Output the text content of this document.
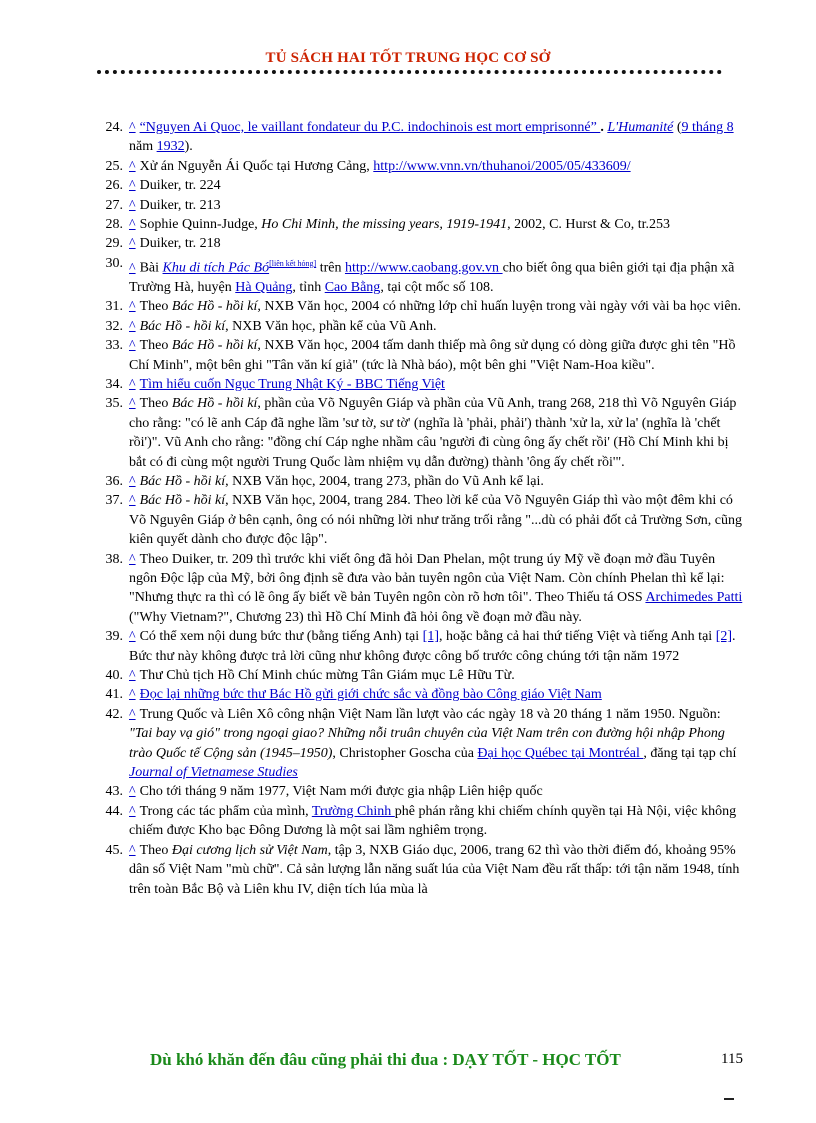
TỦ SÁCH HAI TỐT TRUNG HỌC CƠ SỞ
24. ^ “Nguyen Ai Quoc, le vaillant fondateur du P.C. indochinois est mort emprisonné” . L'Humanité (9 tháng 8 năm 1932).
25. ^ Xử án Nguyễn Ái Quốc tại Hương Cảng, http://www.vnn.vn/thuhanoi/2005/05/433609/
26. ^ Duiker, tr. 224
27. ^ Duiker, tr. 213
28. ^ Sophie Quinn-Judge, Ho Chi Minh, the missing years, 1919-1941, 2002, C. Hurst & Co, tr.253
29. ^ Duiker, tr. 218
30. ^ Bài Khu di tích Pác Bó[liên kết hỏng] trên http://www.caobang.gov.vn cho biết ông qua biên giới tại địa phận xã Trường Hà, huyện Hà Quảng, tỉnh Cao Bằng, tại cột mốc số 108.
31. ^ Theo Bác Hồ - hồi kí, NXB Văn học, 2004 có những lớp chỉ huấn luyện trong vài ngày với vài ba học viên.
32. ^ Bác Hồ - hồi kí, NXB Văn học, phần kể của Vũ Anh.
33. ^ Theo Bác Hồ - hồi kí, NXB Văn học, 2004 tấm danh thiếp mà ông sử dụng có dòng giữa được ghi tên "Hồ Chí Minh", một bên ghi "Tân văn kí giả" (tức là Nhà báo), một bên ghi "Việt Nam-Hoa kiều".
34. ^ Tìm hiểu cuốn Ngục Trung Nhật Ký - BBC Tiếng Việt
35. ^ Theo Bác Hồ - hồi kí, phần của Võ Nguyên Giáp và phần của Vũ Anh, trang 268, 218 thì Võ Nguyên Giáp cho rằng: "có lẽ anh Cáp đã nghe lầm 'sư tờ, sư tờ' (nghĩa là 'phải, phải') thành 'xử la, xử la' (nghĩa là 'chết rồi')". Vũ Anh cho rằng: "đồng chí Cáp nghe nhầm câu 'người đi cùng ông ấy chết rồi' (Hồ Chí Minh khi bị bắt có đi cùng một người Trung Quốc làm nhiệm vụ dẫn đường) thành 'ông ấy chết rồi'".
36. ^ Bác Hồ - hồi kí, NXB Văn học, 2004, trang 273, phần do Vũ Anh kể lại.
37. ^ Bác Hồ - hồi kí, NXB Văn học, 2004, trang 284. Theo lời kể của Võ Nguyên Giáp thì vào một đêm khi có Võ Nguyên Giáp ở bên cạnh, ông có nói những lời như trăng trối rằng "...dù có phải đốt cả Trường Sơn, cũng kiên quyết dành cho được độc lập".
38. ^ Theo Duiker, tr. 209 thì trước khi viết ông đã hỏi Dan Phelan, một trung úy Mỹ về đoạn mở đầu Tuyên ngôn Độc lập của Mỹ, bởi ông định sẽ đưa vào bản tuyên ngôn của Việt Nam. Còn chính Phelan thì kể lại: "Nhưng thực ra thì có lẽ ông ấy biết về bản Tuyên ngôn còn rõ hơn tôi". Theo Thiếu tá OSS Archimedes Patti ("Why Vietnam?", Chương 23) thì Hồ Chí Minh đã hỏi ông về đoạn mở đầu này.
39. ^ Có thể xem nội dung bức thư (bằng tiếng Anh) tại [1], hoặc bằng cả hai thứ tiếng Việt và tiếng Anh tại [2]. Bức thư này không được trả lời cũng như không được công bố trước công chúng tới tận năm 1972
40. ^ Thư Chủ tịch Hồ Chí Minh chúc mừng Tân Giám mục Lê Hữu Từ.
41. ^ Đọc lại những bức thư Bác Hồ gửi giới chức sắc và đồng bào Công giáo Việt Nam
42. ^ Trung Quốc và Liên Xô công nhận Việt Nam lần lượt vào các ngày 18 và 20 tháng 1 năm 1950. Nguồn: "Tai bay vạ gió" trong ngoại giao? Những nỗi truân chuyên của Việt Nam trên con đường hội nhập Phong trào Quốc tế Cộng sản (1945–1950), Christopher Goscha của Đại học Québec tại Montréal , đăng tại tạp chí Journal of Vietnamese Studies
43. ^ Cho tới tháng 9 năm 1977, Việt Nam mới được gia nhập Liên hiệp quốc
44. ^ Trong các tác phẩm của mình, Trường Chinh phê phán rằng khi chiếm chính quyền tại Hà Nội, việc không chiếm được Kho bạc Đông Dương là một sai lầm nghiêm trọng.
45. ^ Theo Đại cương lịch sử Việt Nam, tập 3, NXB Giáo dục, 2006, trang 62 thì vào thời điểm đó, khoảng 95% dân số Việt Nam "mù chữ". Cả sản lượng lẫn năng suất lúa của Việt Nam đều rất thấp: tới tận năm 1948, tính trên toàn Bắc Bộ và Liên khu IV, diện tích lúa mùa là
Dù khó khăn đến đâu cũng phải thi đua : DẠY TỐT - HỌC TỐT	115
